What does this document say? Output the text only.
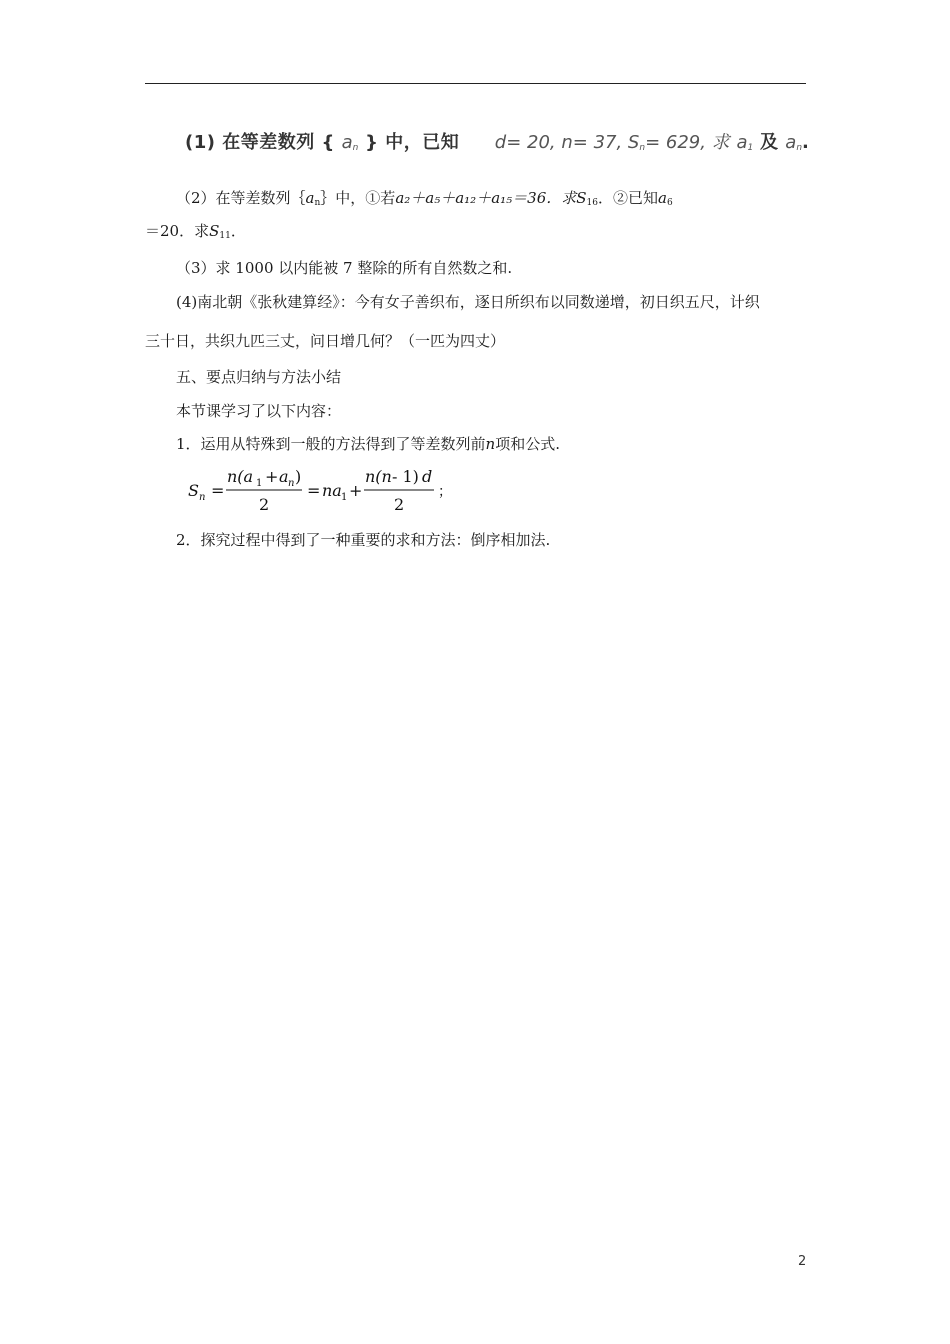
(1) 在等差数列 { $a_n$ } 中，已知 d= 20, n= 37, $S_n= 629$, 求 $a_1$ 及 $a_n$.
（2）在等差数列$\{a_n\}$中，①若a₂＋a₅＋a₁₂＋a₁₅＝36．求$S_{16}$．②已知$a_6$
＝20．求$S_{11}$．
（3）求 1000 以内能被 7 整除的所有自然数之和.
(4)南北朝《张秋建算经》：今有女子善织布，逐日所织布以同数递增，初日织五尺，计织
三十日，共织九匹三丈，问日增几何？（一匹为四丈）
五、要点归纳与方法小结
本节课学习了以下内容：
1．运用从特殊到一般的方法得到了等差数列前n项和公式.
S n =
n(a 1 + a n )
2
= na 1 +
n(n - 1) d
2
；
2．探究过程中得到了一种重要的求和方法：倒序相加法.
2
